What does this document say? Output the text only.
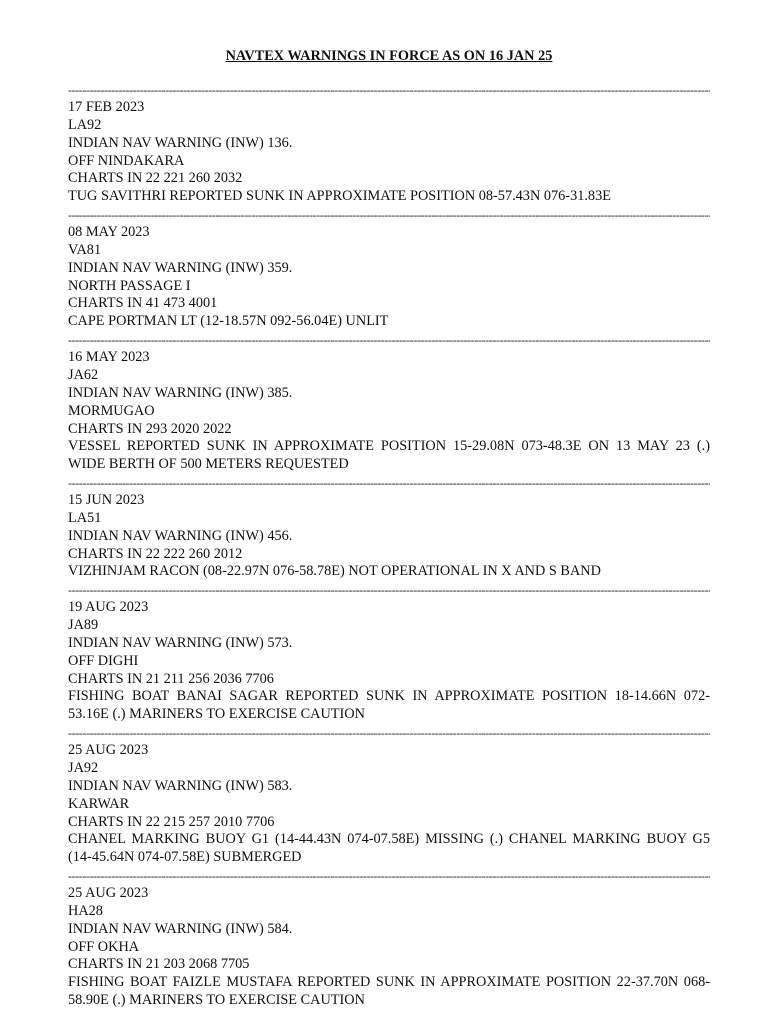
NAVTEX WARNINGS IN FORCE AS ON 16 JAN 25
-----
17 FEB 2023
LA92
INDIAN NAV WARNING (INW) 136.
OFF NINDAKARA
CHARTS IN 22 221 260 2032
TUG SAVITHRI REPORTED SUNK IN APPROXIMATE POSITION 08-57.43N 076-31.83E
-----
08 MAY 2023
VA81
INDIAN NAV WARNING (INW) 359.
NORTH PASSAGE I
CHARTS IN 41 473 4001
CAPE PORTMAN LT (12-18.57N 092-56.04E) UNLIT
-----
16 MAY 2023
JA62
INDIAN NAV WARNING (INW) 385.
MORMUGAO
CHARTS IN 293 2020 2022
VESSEL REPORTED SUNK IN APPROXIMATE POSITION 15-29.08N 073-48.3E ON 13 MAY 23 (.) WIDE BERTH OF 500 METERS REQUESTED
-----
15 JUN 2023
LA51
INDIAN NAV WARNING (INW) 456.
CHARTS IN 22 222 260 2012
VIZHINJAM RACON (08-22.97N 076-58.78E) NOT OPERATIONAL IN X AND S BAND
-----
19 AUG 2023
JA89
INDIAN NAV WARNING (INW) 573.
OFF DIGHI
CHARTS IN 21 211 256 2036 7706
FISHING BOAT BANAI SAGAR REPORTED SUNK IN APPROXIMATE POSITION 18-14.66N 072-53.16E (.) MARINERS TO EXERCISE CAUTION
-----
25 AUG 2023
JA92
INDIAN NAV WARNING (INW) 583.
KARWAR
CHARTS IN 22 215 257 2010 7706
CHANEL MARKING BUOY G1 (14-44.43N 074-07.58E) MISSING (.) CHANEL MARKING BUOY G5 (14-45.64N 074-07.58E) SUBMERGED
-----
25 AUG 2023
HA28
INDIAN NAV WARNING (INW) 584.
OFF OKHA
CHARTS IN 21 203 2068 7705
FISHING BOAT FAIZLE MUSTAFA REPORTED SUNK IN APPROXIMATE POSITION 22-37.70N 068-58.90E (.) MARINERS TO EXERCISE CAUTION
